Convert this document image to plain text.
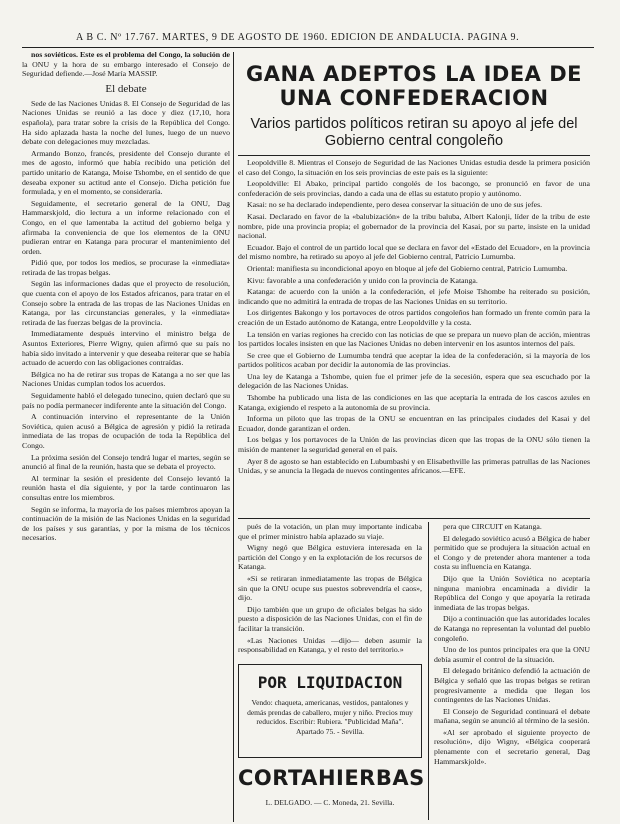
A B C. Nº 17.767. MARTES, 9 DE AGOSTO DE 1960. EDICION DE ANDALUCIA. PAGINA 9.

nos soviéticos. Este es el problema del Congo, la solución de la ONU y la hora de su embargo interesado el Consejo de Seguridad defiende.—José María MASSIP.

El debate

Sede de las Naciones Unidas 8. El Consejo de Seguridad de las Naciones Unidas se reunió a las doce y diez (17,10, hora española), para tratar sobre la crisis de la República del Congo. Ha sido aplazada hasta la noche del lunes, luego de un nuevo debate con delegaciones muy mezcladas.

Armando Bonzo, francés, presidente del Consejo durante el mes de agosto, informó que había recibido una petición del partido unitario de Katanga, Moise Tshombe, en el sentido de que deseaba exponer su actitud ante el Consejo. Dicha petición fue formulada, y en el momento, se consideraría.

Seguidamente, el secretario general de la ONU, Dag Hammarskjold, dio lectura a un informe relacionado con el Congo, en el que lamentaba la actitud del gobierno belga y afirmaba la conveniencia de que los elementos de la ONU pudieran entrar en Katanga para procurar el mantenimiento del orden.

Pidió que, por todos los medios, se procurase la «inmediata» retirada de las tropas belgas.

Según las informaciones dadas que el proyecto de resolución, que cuenta con el apoyo de los Estados africanos, para tratar en el Consejo sobre la entrada de las tropas de las Naciones Unidas en Katanga, por las circunstancias generales, y la «inmediata» retirada de las fuerzas belgas de la provincia.

Immediatamente después intervino el ministro belga de Asuntos Exteriores, Pierre Wigny, quien afirmó que su país no había sido invitado a intervenir y que deseaba reiterar que se había actuado de acuerdo con las obligaciones contraídas.

Bélgica no ha de retirar sus tropas de Katanga a no ser que las Naciones Unidas cumplan todos los acuerdos.

Seguidamente habló el delegado tunecino, quien declaró que su país no podía permanecer indiferente ante la situación del Congo.

A continuación intervino el representante de la Unión Soviética, quien acusó a Bélgica de agresión y pidió la retirada inmediata de las tropas de ocupación de toda la República del Congo.

La próxima sesión del Consejo tendrá lugar el martes, según se anunció al final de la reunión, hasta que se debata el proyecto.

Al terminar la sesión el presidente del Consejo levantó la reunión hasta el día siguiente, y por la tarde continuaron las consultas entre los miembros.

Según se informa, la mayoría de los países miembros apoyan la continuación de la misión de las Naciones Unidas en la seguridad de los países y sus garantías, y por la misma de los técnicos necesarios.

GANA ADEPTOS LA IDEA DE UNA CONFEDERACION
Varios partidos políticos retiran su apoyo al jefe del Gobierno central congoleño

Leopoldville 8. Mientras el Consejo de Seguridad de las Naciones Unidas estudia desde la primera posición el caso del Congo, la situación en los seis provincias de este país es la siguiente:

Leopoldville: El Abako, principal partido congolés de los bacongo, se pronunció en favor de una confederación de seis provincias, dando a cada una de ellas su estatuto propio y autónomo.

Kasai: no se ha declarado independiente, pero desea conservar la situación de uno de sus jefes.

Kasai. Declarado en favor de la «balubización» de la tribu baluba, Albert Kalonji, líder de la tribu de este nombre, pide una provincia propia; el gobernador de la provincia del Kasai, por su parte, insiste en la unidad nacional.

Ecuador. Bajo el control de un partido local que se declara en favor del «Estado del Ecuador», en la provincia del mismo nombre, ha retirado su apoyo al jefe del Gobierno central, Patricio Lumumba.

Oriental: manifiesta su incondicional apoyo en bloque al jefe del Gobierno central, Patricio Lumumba.

Kivu: favorable a una confederación y unido con la provincia de Katanga.

Katanga: de acuerdo con la unión a la confederación, el jefe Moise Tshombe ha reiterado su posición, indicando que no admitirá la entrada de tropas de las Naciones Unidas en su territorio.

Los dirigentes Bakongo y los portavoces de otros partidos congoleños han formado un frente común para la creación de un Estado autónomo de Katanga, entre Leopoldville y la costa.

La tensión en varias regiones ha crecido con las noticias de que se prepara un nuevo plan de acción, mientras los partidos locales insisten en que las Naciones Unidas no deben intervenir en los asuntos internos del país.

Se cree que el Gobierno de Lumumba tendrá que aceptar la idea de la confederación, si la mayoría de los partidos políticos acaban por decidir la autonomía de las provincias.

Una ley de Katanga a Tshombe, quien fue el primer jefe de la secesión, espera que sea escuchado por la delegación de las Naciones Unidas.

Tshombe ha publicado una lista de las condiciones en las que aceptaría la entrada de los cascos azules en Katanga, exigiendo el respeto a la autonomía de su provincia.

Informa un piloto que las tropas de la ONU se encuentran en las principales ciudades del Kasai y del Ecuador, donde garantizan el orden.

Los belgas y los portavoces de la Unión de las provincias dicen que las tropas de la ONU sólo tienen la misión de mantener la seguridad general en el país.

Ayer 8 de agosto se han establecido en Lubumbashi y en Elisabethville las primeras patrullas de las Naciones Unidas, y se anuncia la llegada de nuevos contingentes africanos.—EFE.

pués de la votación, un plan muy importante indicaba que el primer ministro había aplazado su viaje.

Wigny negó que Bélgica estuviera interesada en la partición del Congo y en la explotación de los recursos de Katanga.

«Si se retiraran inmediatamente las tropas de Bélgica sin que la ONU ocupe sus puestos sobrevendría el caos», dijo.

Dijo también que un grupo de oficiales belgas ha sido puesto a disposición de las Naciones Unidas, con el fin de facilitar la transición.

«Las Naciones Unidas —dijo— deben asumir la responsabilidad en Katanga, y el resto del territorio.»

POR LIQUIDACION
Vendo: chaqueta, americanas, vestidos, pantalones y demás prendas de caballero, mujer y niño. Precios muy reducidos. Escribir: Rubiera. "Publicidad Maña". Apartado 75. - Sevilla.
CORTAHIERBAS
L. DELGADO. — C. Moneda, 21. Sevilla.

pera que CIRCUIT en Katanga.

El delegado soviético acusó a Bélgica de haber permitido que se produjera la situación actual en el Congo y de pretender ahora mantener a toda costa su influencia en Katanga.

Dijo que la Unión Soviética no aceptaría ninguna maniobra encaminada a dividir la República del Congo y que apoyaría la retirada inmediata de las tropas belgas.

Dijo a continuación que las autoridades locales de Katanga no representan la voluntad del pueblo congoleño.

Uno de los puntos principales era que la ONU debía asumir el control de la situación.

El delegado británico defendió la actuación de Bélgica y señaló que las tropas belgas se retiran progresivamente a medida que llegan los contingentes de las Naciones Unidas.

El Consejo de Seguridad continuará el debate mañana, según se anunció al término de la sesión.

«Al ser aprobado el siguiente proyecto de resolución», dijo Wigny, «Bélgica cooperará plenamente con el secretario general, Dag Hammarskjold».
